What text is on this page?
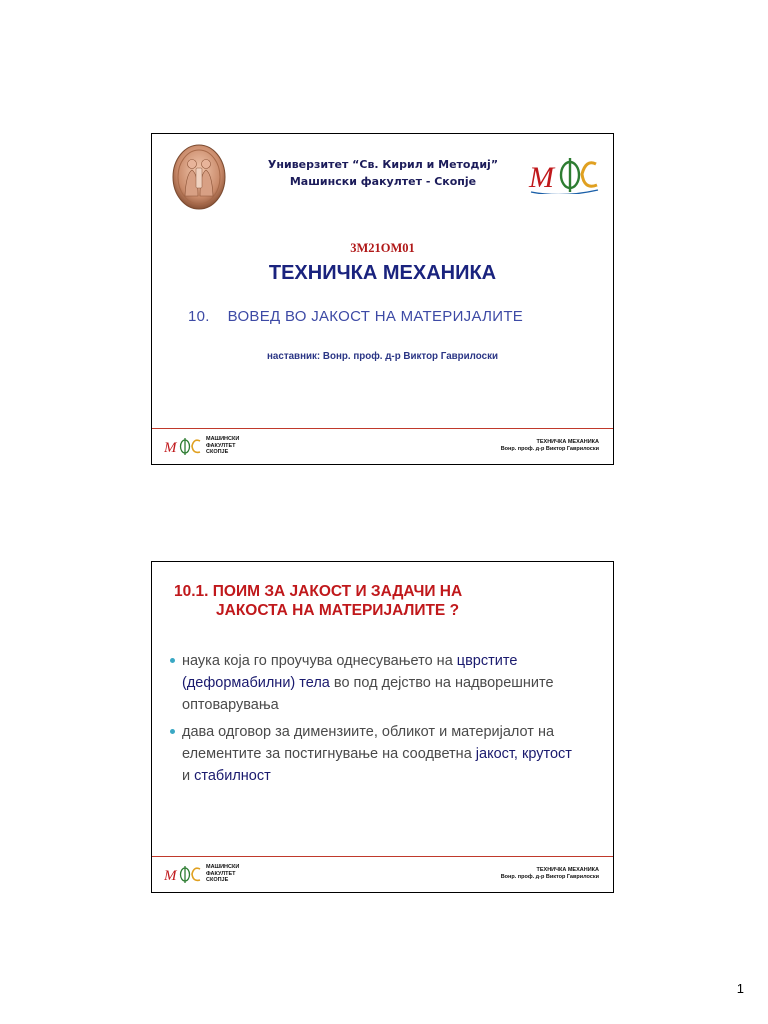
Универзитет “Св. Кирил и Методиј”
Машински факултет - Скопје	M
3M21OM01
ТЕХНИЧКА МЕХАНИКА
10. ВОВЕД ВО ЈАКОСТ НА МАТЕРИЈАЛИТЕ
наставник: Вонр. проф. д-р Виктор Гаврилоски
M
МАШИНСКИ
ФАКУЛТЕТ
СКОПЈЕ
ТЕХНИЧКА МЕХАНИКА
Вонр. проф. д-р Виктор Гаврилоски
10.1. ПОИМ ЗА ЈАКОСТ И ЗАДАЧИ НА
ЈАКОСТА НА МАТЕРИЈАЛИТЕ ?
наука која го проучува однесувањето на цврстите (деформабилни) тела во под дејство на надворешните оптоварувања
дава одговор за димензиите, обликот и материјалот на елементите за постигнување на соодветна јакост, крутост и стабилност
M
МАШИНСКИ
ФАКУЛТЕТ
СКОПЈЕ
ТЕХНИЧКА МЕХАНИКА
Вонр. проф. д-р Виктор Гаврилоски
1
